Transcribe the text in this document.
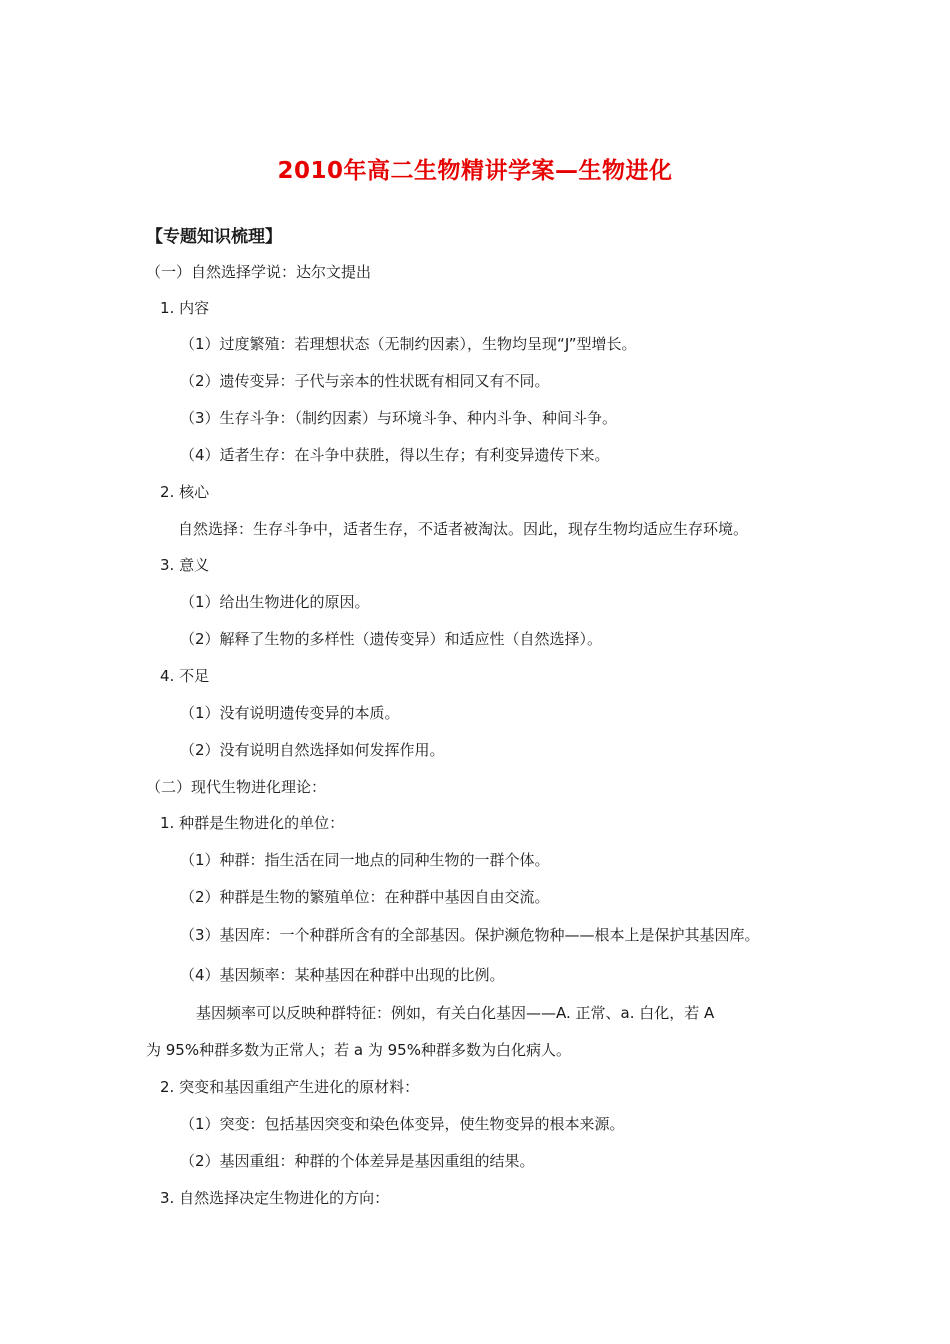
2010年高二生物精讲学案—生物进化
【专题知识梳理】
（一）自然选择学说：达尔文提出
1. 内容
（1）过度繁殖：若理想状态（无制约因素），生物均呈现“J”型增长。
（2）遗传变异：子代与亲本的性状既有相同又有不同。
（3）生存斗争：（制约因素）与环境斗争、种内斗争、种间斗争。
（4）适者生存：在斗争中获胜，得以生存；有利变异遗传下来。
2. 核心
自然选择：生存斗争中，适者生存，不适者被淘汰。因此，现存生物均适应生存环境。
3. 意义
（1）给出生物进化的原因。
（2）解释了生物的多样性（遗传变异）和适应性（自然选择）。
4. 不足
（1）没有说明遗传变异的本质。
（2）没有说明自然选择如何发挥作用。
（二）现代生物进化理论：
1. 种群是生物进化的单位：
（1）种群：指生活在同一地点的同种生物的一群个体。
（2）种群是生物的繁殖单位：在种群中基因自由交流。
（3）基因库：一个种群所含有的全部基因。保护濒危物种——根本上是保护其基因库。
（4）基因频率：某种基因在种群中出现的比例。
基因频率可以反映种群特征：例如，有关白化基因——A. 正常、a. 白化，若 A
为 95%种群多数为正常人；若 a 为 95%种群多数为白化病人。
2. 突变和基因重组产生进化的原材料：
（1）突变：包括基因突变和染色体变异，使生物变异的根本来源。
（2）基因重组：种群的个体差异是基因重组的结果。
3. 自然选择决定生物进化的方向：
